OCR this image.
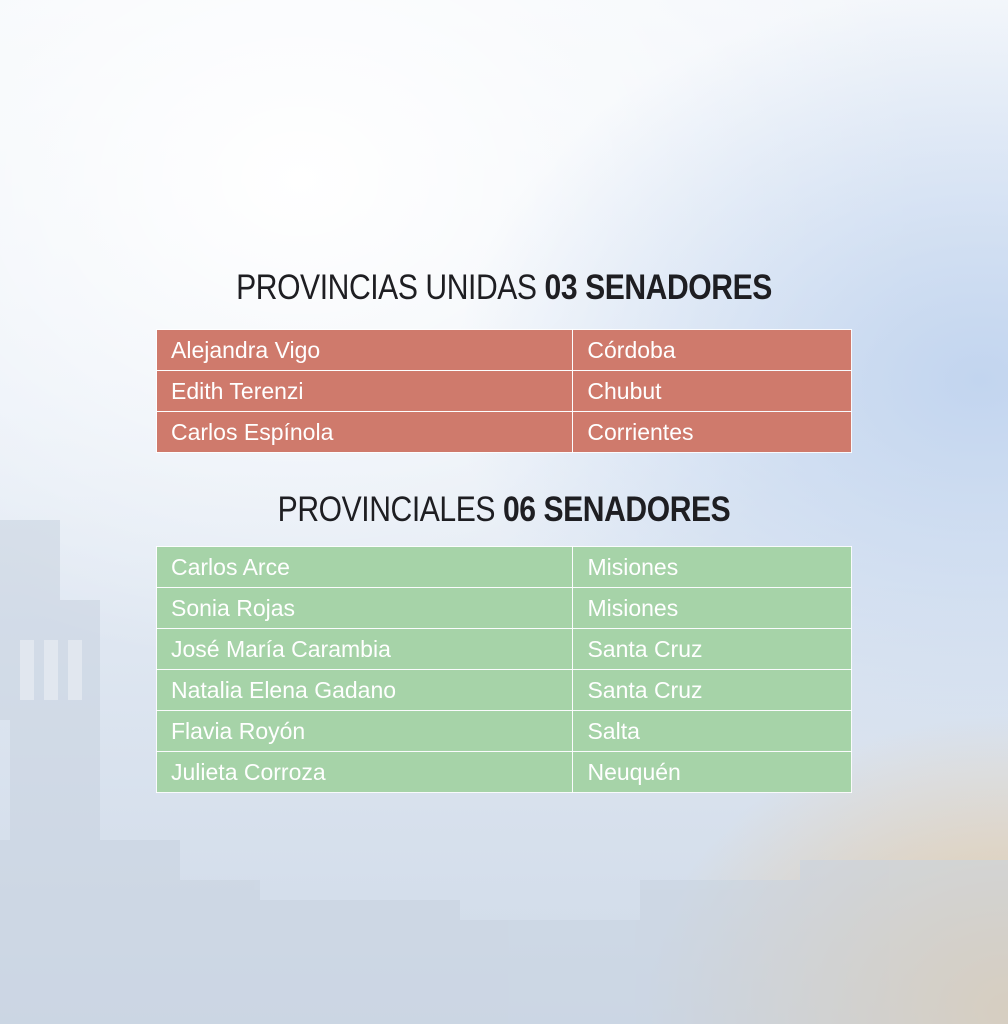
PROVINCIAS UNIDAS 03 SENADORES
Alejandra Vigo	Córdoba
Edith Terenzi	Chubut
Carlos Espínola	Corrientes
PROVINCIALES 06 SENADORES
Carlos Arce	Misiones
Sonia Rojas	Misiones
José María Carambia	Santa Cruz
Natalia Elena Gadano	Santa Cruz
Flavia Royón	Salta
Julieta Corroza	Neuquén
